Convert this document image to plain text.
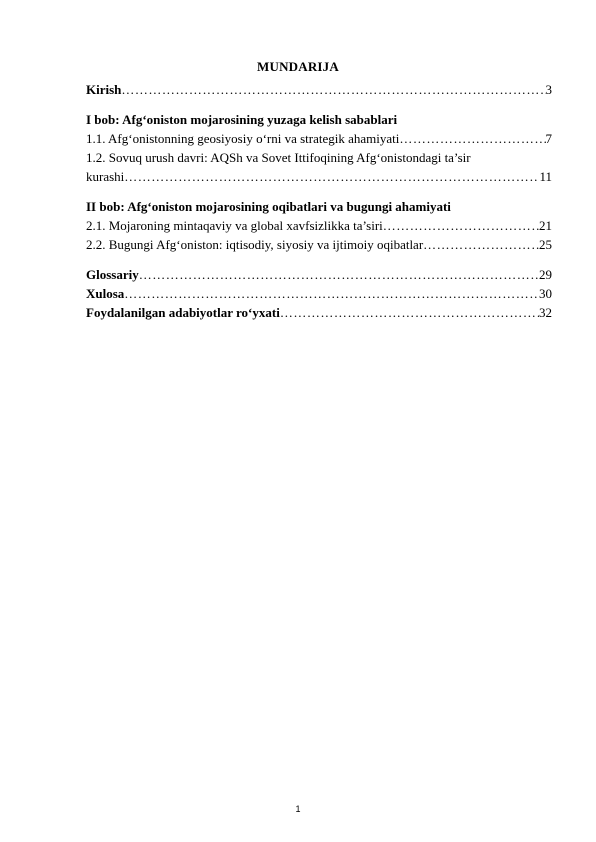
MUNDARIJA
Kirish …………………………………………………………………………………………………………………………………………………………………………………	3
I bob: Afg‘oniston mojarosining yuzaga kelish sabablari
1.1. Afg‘onistonning geosiyosiy o‘rni va strategik ahamiyati …………………………………………………………………………………………………………………………………………………………………………………	7
1.2. Sovuq urush davri: AQSh va Sovet Ittifoqining Afg‘onistondagi ta’sir
kurashi …………………………………………………………………………………………………………………………………………………………………………………	11
II bob: Afg‘oniston mojarosining oqibatlari va bugungi ahamiyati
2.1. Mojaroning mintaqaviy va global xavfsizlikka ta’siri …………………………………………………………………………………………………………………………………………………………………………………	21
2.2. Bugungi Afg‘oniston: iqtisodiy, siyosiy va ijtimoiy oqibatlar …………………………………………………………………………………………………………………………………………………………………………………	25
Glossariy …………………………………………………………………………………………………………………………………………………………………………………	29
Xulosa …………………………………………………………………………………………………………………………………………………………………………………	30
Foydalanilgan adabiyotlar ro‘yxati …………………………………………………………………………………………………………………………………………………………………………………	32
1
